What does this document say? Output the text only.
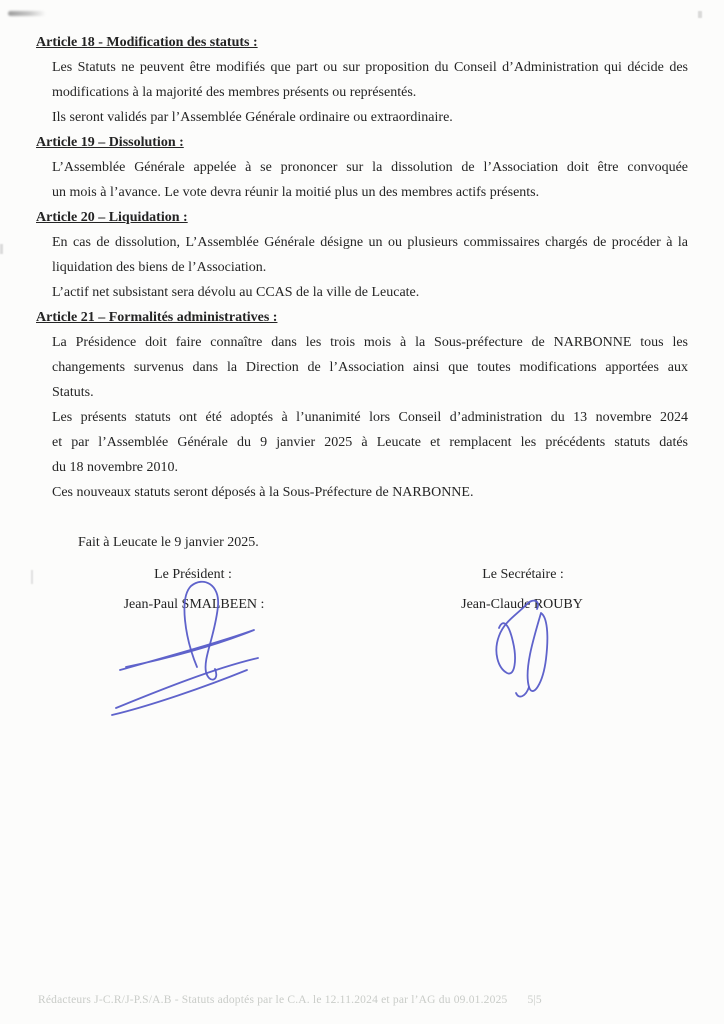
Article 18 - Modification des statuts :
Les Statuts ne peuvent être modifiés que part ou sur proposition du Conseil d’Administration qui décide des
modifications à la majorité des membres présents ou représentés.
Ils seront validés par l’Assemblée Générale ordinaire ou extraordinaire.
Article 19 – Dissolution :
L’Assemblée Générale appelée à se prononcer sur la dissolution de l’Association doit être convoquée
un mois à l’avance. Le vote devra réunir la moitié plus un des membres actifs présents.
Article 20 – Liquidation :
En cas de dissolution, L’Assemblée Générale désigne un ou plusieurs commissaires chargés de procéder à la
liquidation des biens de l’Association.
L’actif net subsistant sera dévolu au CCAS de la ville de Leucate.
Article 21 – Formalités administratives :
La Présidence doit faire connaître dans les trois mois à la Sous-préfecture de NARBONNE tous les
changements survenus dans la Direction de l’Association ainsi que toutes modifications apportées aux
Statuts.
Les présents statuts ont été adoptés à l’unanimité lors Conseil d’administration du 13 novembre 2024
et par l’Assemblée Générale du 9 janvier 2025 à Leucate et remplacent les précédents statuts datés
du 18 novembre 2010.
Ces nouveaux statuts seront déposés à la Sous-Préfecture de NARBONNE.
Fait à Leucate le 9 janvier 2025.
Le Président :	Le Secrétaire :
Jean-Paul SMALBEEN :	Jean-Claude ROUBY
Rédacteurs J-C.R/J-P.S/A.B - Statuts adoptés par le C.A. le 12.11.2024 et par l’AG du 09.01.2025 5|5
